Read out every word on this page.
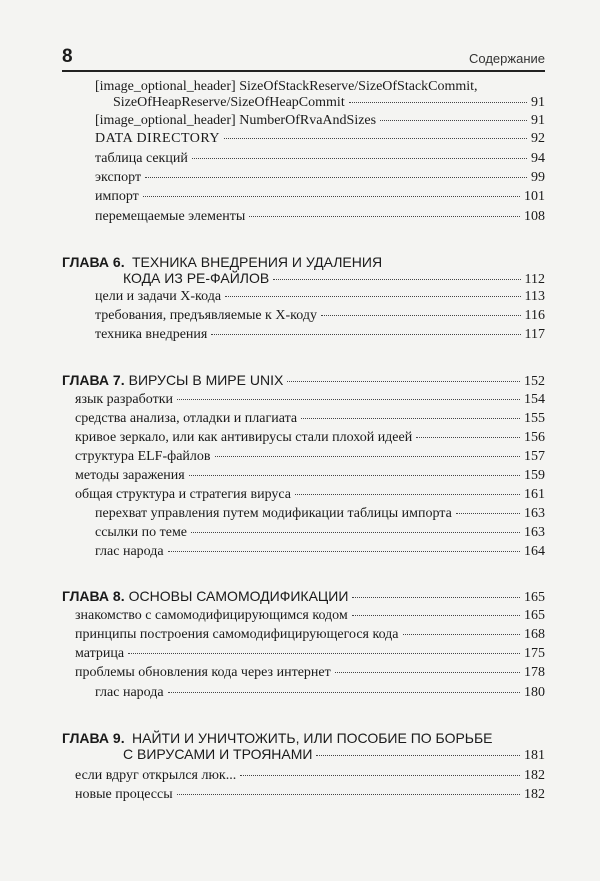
8	Содержание
[image_optional_header] SizeOfStackReserve/SizeOfStackCommit,
SizeOfHeapReserve/SizeOfHeapCommit	91
[image_optional_header] NumberOfRvaAndSizes	91
DATA DIRECTORY	92
таблица секций	94
экспорт	99
импорт	101
перемещаемые элементы	108
ГЛАВА 6. ТЕХНИКА ВНЕДРЕНИЯ И УДАЛЕНИЯ
КОДА ИЗ PE-ФАЙЛОВ	112
цели и задачи X-кода	113
требования, предъявляемые к X-коду	116
техника внедрения	117
ГЛАВА 7. ВИРУСЫ В МИРЕ UNIX	152
язык разработки	154
средства анализа, отладки и плагиата	155
кривое зеркало, или как антивирусы стали плохой идеей	156
структура ELF-файлов	157
методы заражения	159
общая структура и стратегия вируса	161
перехват управления путем модификации таблицы импорта	163
ссылки по теме	163
глас народа	164
ГЛАВА 8. ОСНОВЫ САМОМОДИФИКАЦИИ	165
знакомство с самомодифицирующимся кодом	165
принципы построения самомодифицирующегося кода	168
матрица	175
проблемы обновления кода через интернет	178
глас народа	180
ГЛАВА 9. НАЙТИ И УНИЧТОЖИТЬ, ИЛИ ПОСОБИЕ ПО БОРЬБЕ
С ВИРУСАМИ И ТРОЯНАМИ	181
если вдруг открылся люк...	182
новые процессы	182
